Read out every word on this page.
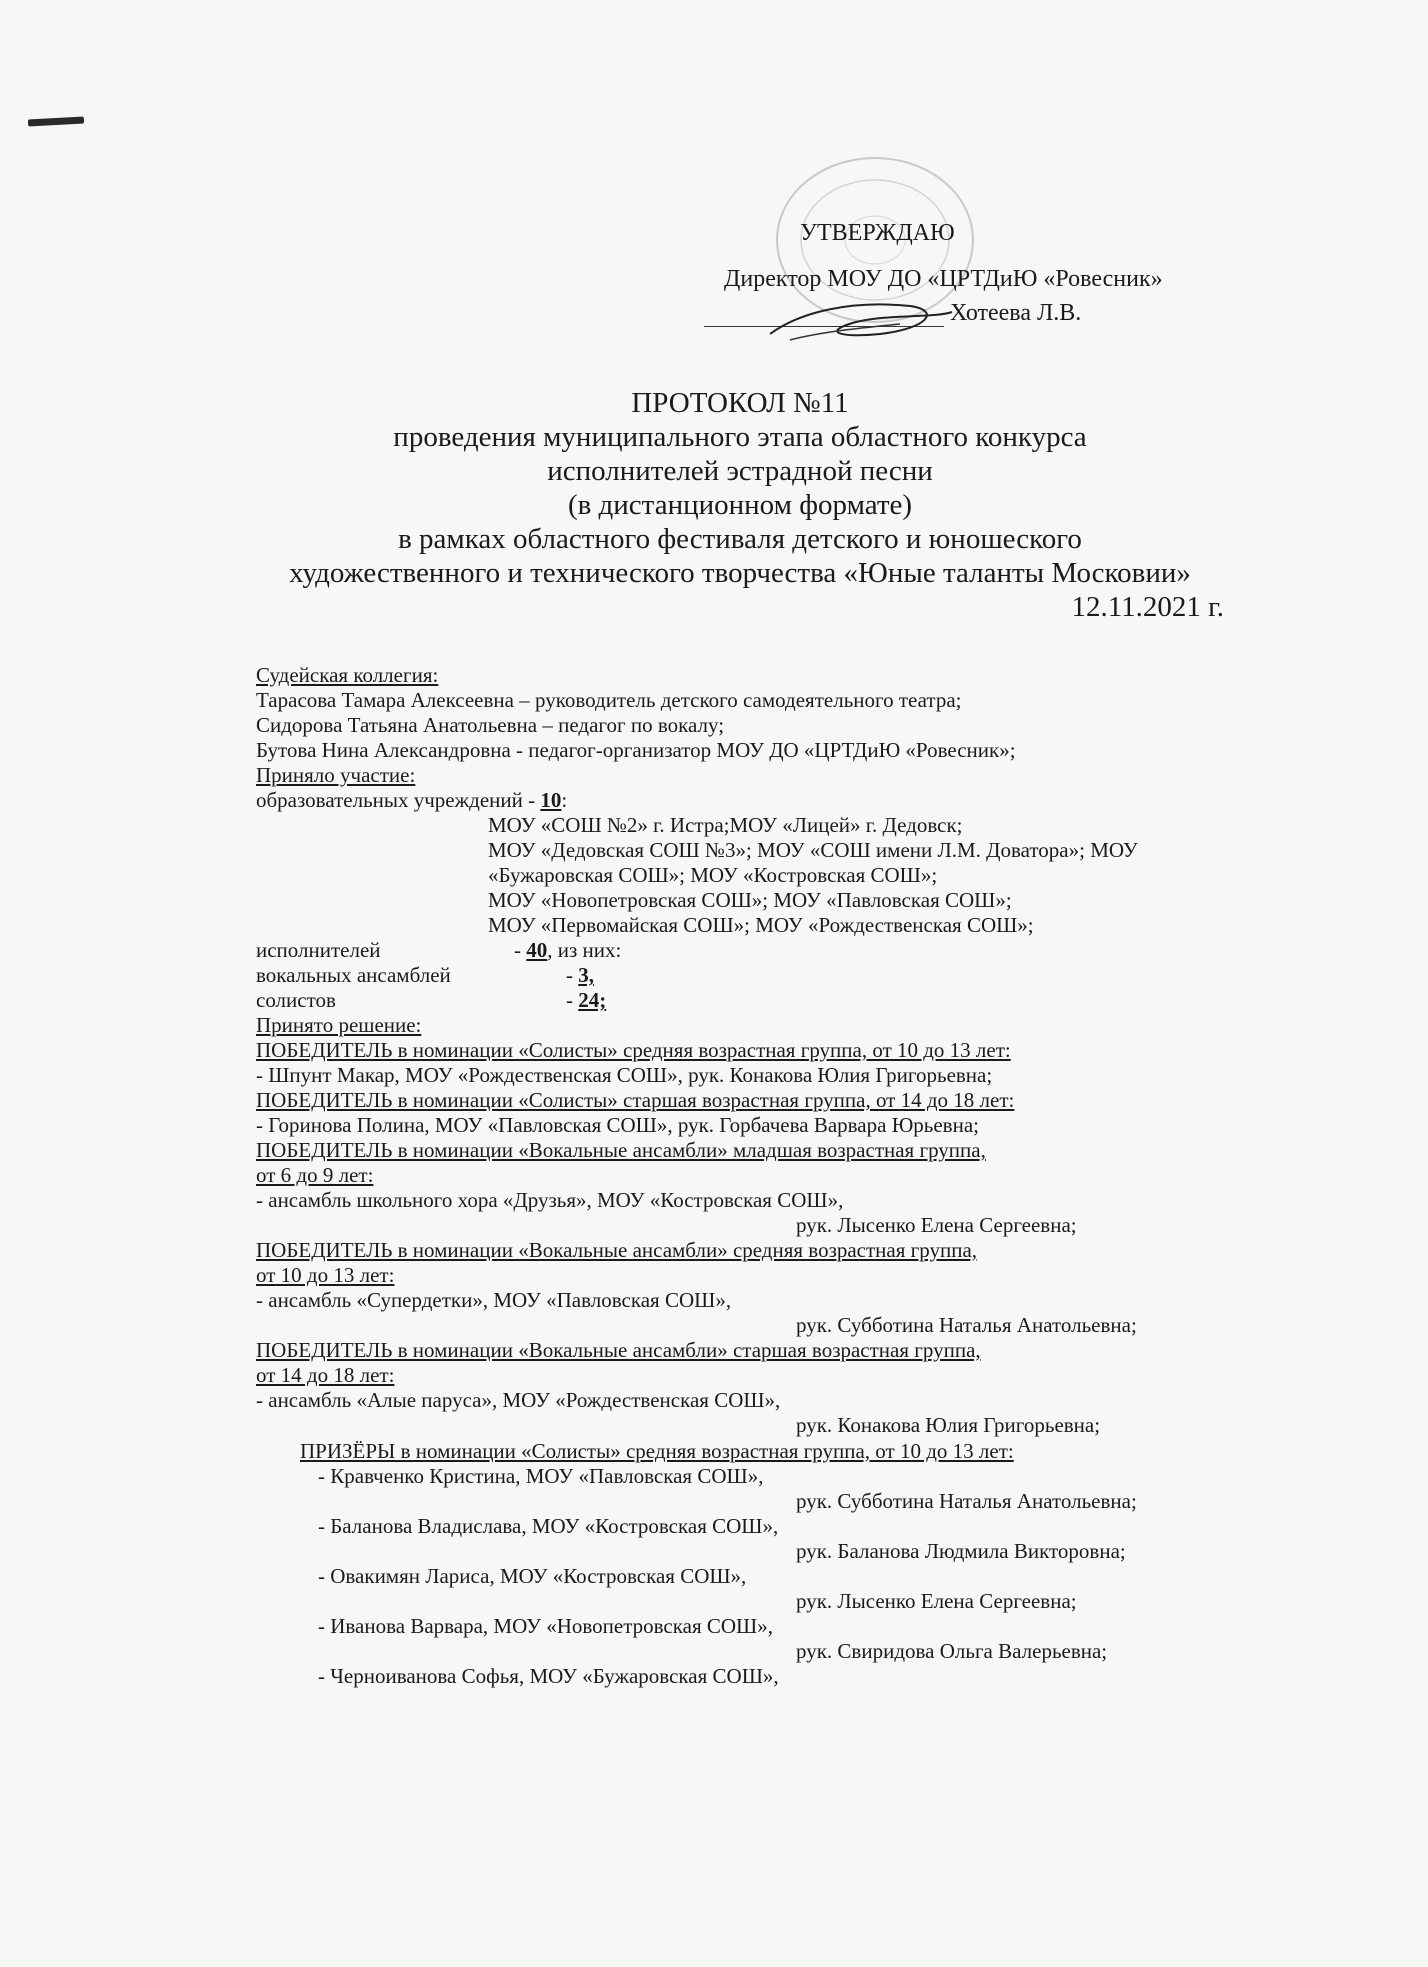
УТВЕРЖДАЮ
Директор МОУ ДО «ЦРТДиЮ «Ровесник»
Хотеева Л.В.
ПРОТОКОЛ №11
проведения муниципального этапа областного конкурса
исполнителей эстрадной песни
(в дистанционном формате)
в рамках областного фестиваля детского и юношеского
художественного и технического творчества «Юные таланты Московии»
12.11.2021 г.
Судейская коллегия:
Тарасова Тамара Алексеевна – руководитель детского самодеятельного театра;
Сидорова Татьяна Анатольевна – педагог по вокалу;
Бутова Нина Александровна - педагог-организатор МОУ ДО «ЦРТДиЮ «Ровесник»;
Приняло участие:
образовательных учреждений - 10:
МОУ «СОШ №2» г. Истра;МОУ «Лицей» г. Дедовск;
МОУ «Дедовская СОШ №3»; МОУ «СОШ имени Л.М. Доватора»; МОУ
«Бужаровская СОШ»; МОУ «Костровская СОШ»;
МОУ «Новопетровская СОШ»; МОУ «Павловская СОШ»;
МОУ «Первомайская СОШ»; МОУ «Рождественская СОШ»;
исполнителей	- 40, из них:
вокальных ансамблей	- 3,
солистов	- 24;
Принято решение:
ПОБЕДИТЕЛЬ в номинации «Солисты» средняя возрастная группа, от 10 до 13 лет:
- Шпунт Макар, МОУ «Рождественская СОШ», рук. Конакова Юлия Григорьевна;
ПОБЕДИТЕЛЬ в номинации «Солисты» старшая возрастная группа, от 14 до 18 лет:
- Горинова Полина, МОУ «Павловская СОШ», рук. Горбачева Варвара Юрьевна;
ПОБЕДИТЕЛЬ в номинации «Вокальные ансамбли» младшая возрастная группа,
от 6 до 9 лет:
- ансамбль школьного хора «Друзья», МОУ «Костровская СОШ»,
рук. Лысенко Елена Сергеевна;
ПОБЕДИТЕЛЬ в номинации «Вокальные ансамбли» средняя возрастная группа,
от 10 до 13 лет:
- ансамбль «Супердетки», МОУ «Павловская СОШ»,
рук. Субботина Наталья Анатольевна;
ПОБЕДИТЕЛЬ в номинации «Вокальные ансамбли» старшая возрастная группа,
от 14 до 18 лет:
- ансамбль «Алые паруса», МОУ «Рождественская СОШ»,
рук. Конакова Юлия Григорьевна;
ПРИЗЁРЫ в номинации «Солисты» средняя возрастная группа, от 10 до 13 лет:
- Кравченко Кристина, МОУ «Павловская СОШ»,
рук. Субботина Наталья Анатольевна;
- Баланова Владислава, МОУ «Костровская СОШ»,
рук. Баланова Людмила Викторовна;
- Овакимян Лариса, МОУ «Костровская СОШ»,
рук. Лысенко Елена Сергеевна;
- Иванова Варвара, МОУ «Новопетровская СОШ»,
рук. Свиридова Ольга Валерьевна;
- Черноиванова Софья, МОУ «Бужаровская СОШ»,
